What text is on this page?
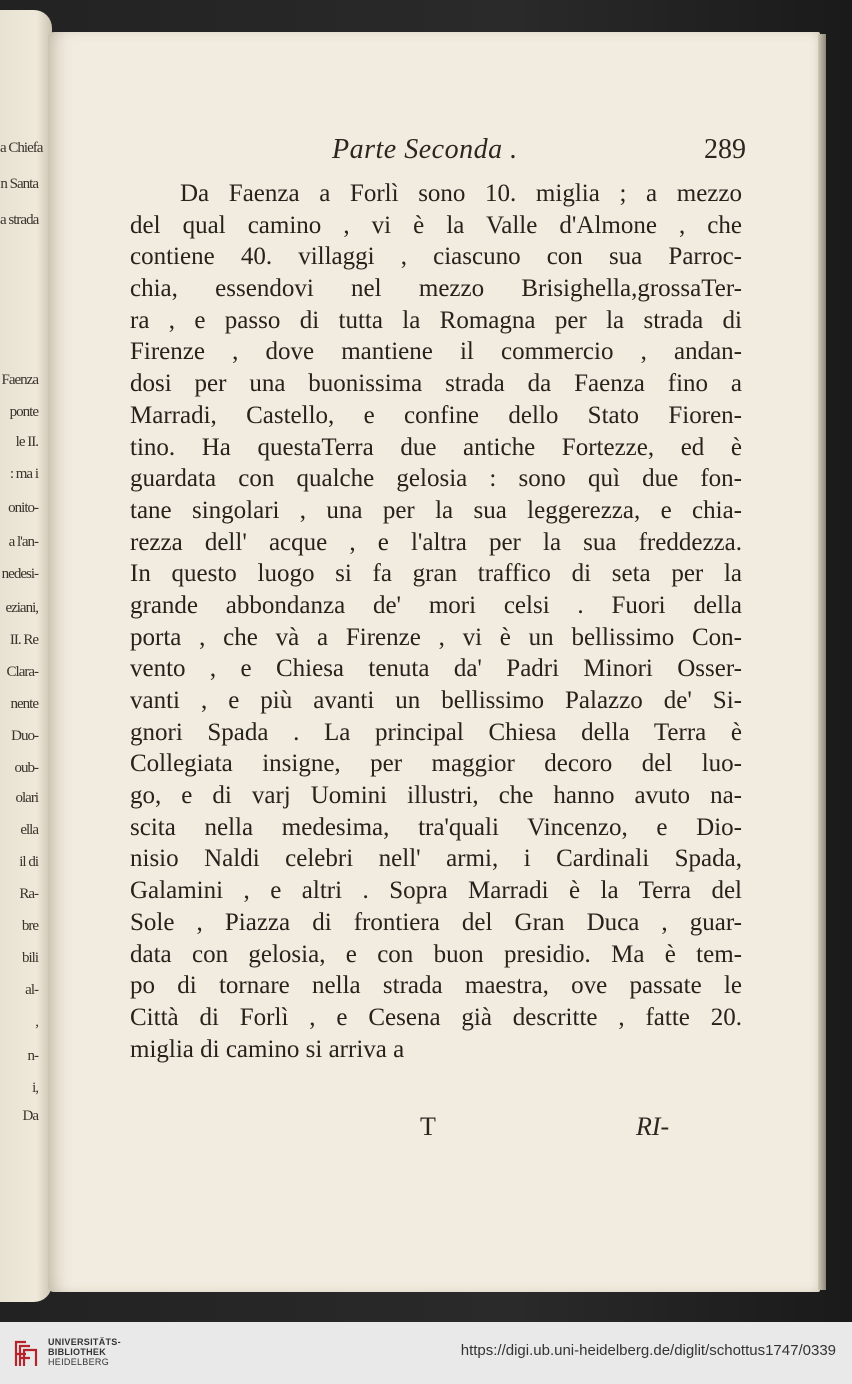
a Chiefa
n Santa
a strada
Faenza
ponte
le II.
: ma i
onito-
a l'an-
nedesi-
eziani,
II. Re
Clara-
nente
Duo-
oub-
olari
ella
il di
Ra-
bre
bili
al-
,
n-
i,
Da
Parte Seconda .	289
Da Faenza a Forlì sono 10. miglia ; a mezzo
del qual camino , vi è la Valle d'Almone , che
contiene 40. villaggi , ciascuno con sua Parroc-
chia, essendovi nel mezzo Brisighella,grossaTer-
ra , e passo di tutta la Romagna per la strada di
Firenze , dove mantiene il commercio , andan-
dosi per una buonissima strada da Faenza fino a
Marradi, Castello, e confine dello Stato Fioren-
tino. Ha questaTerra due antiche Fortezze, ed è
guardata con qualche gelosia : sono quì due fon-
tane singolari , una per la sua leggerezza, e chia-
rezza dell' acque , e l'altra per la sua freddezza.
In questo luogo si fa gran traffico di seta per la
grande abbondanza de' mori celsi . Fuori della
porta , che và a Firenze , vi è un bellissimo Con-
vento , e Chiesa tenuta da' Padri Minori Osser-
vanti , e più avanti un bellissimo Palazzo de' Si-
gnori Spada . La principal Chiesa della Terra è
Collegiata insigne, per maggior decoro del luo-
go, e di varj Uomini illustri, che hanno avuto na-
scita nella medesima, tra'quali Vincenzo, e Dio-
nisio Naldi celebri nell' armi, i Cardinali Spada,
Galamini , e altri . Sopra Marradi è la Terra del
Sole , Piazza di frontiera del Gran Duca , guar-
data con gelosia, e con buon presidio. Ma è tem-
po di tornare nella strada maestra, ove passate le
Città di Forlì , e Cesena già descritte , fatte 20.
miglia di camino si arriva a
T	RI-
UNIVERSITÄTS-
BIBLIOTHEK
HEIDELBERG
https://digi.ub.uni-heidelberg.de/diglit/schottus1747/0339
